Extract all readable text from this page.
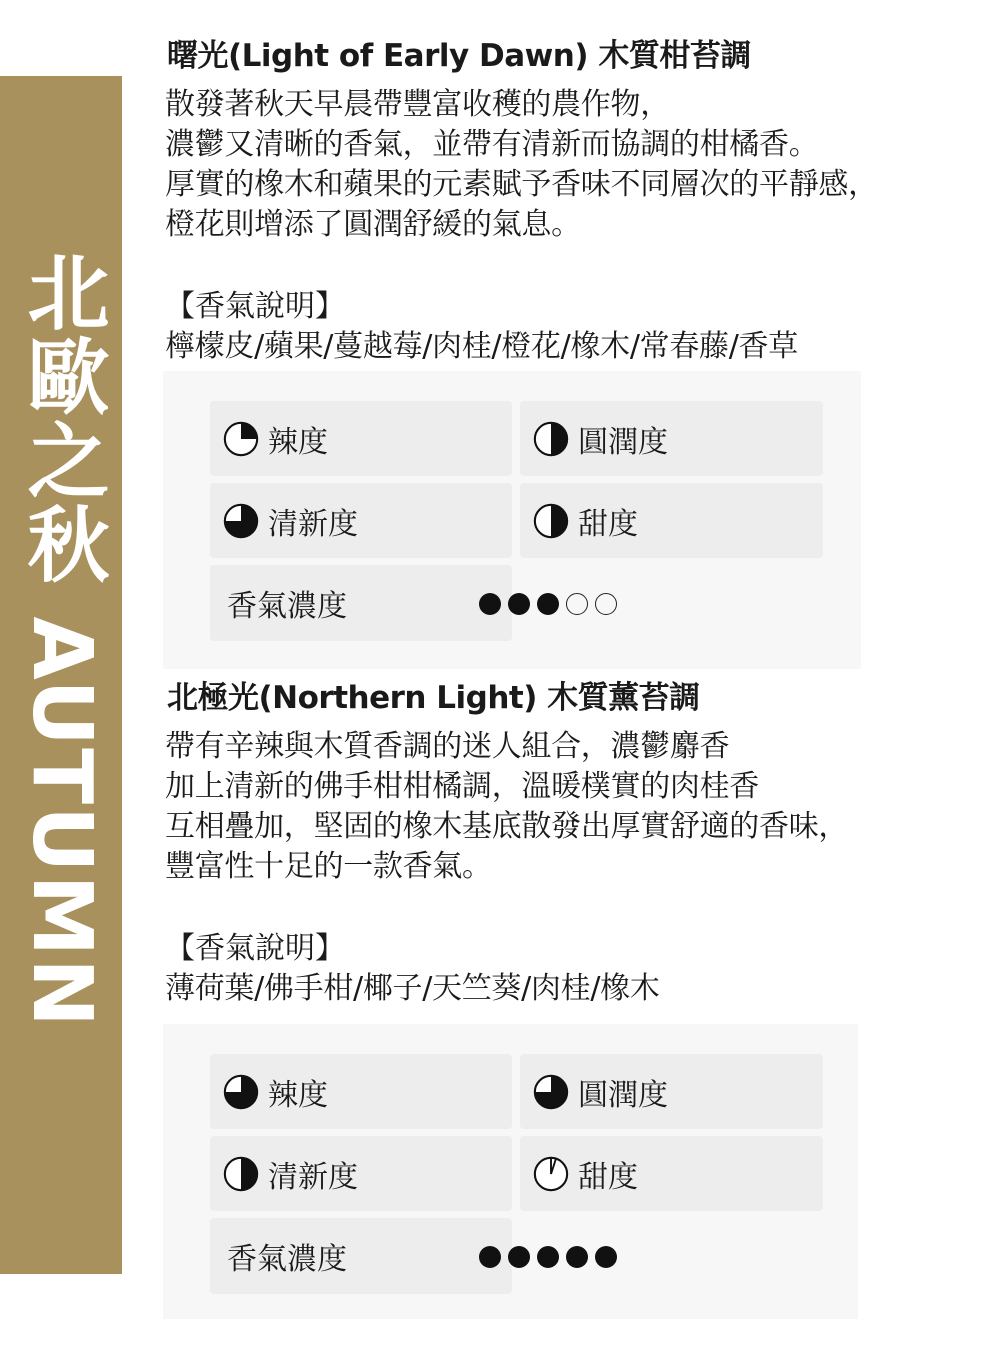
北歐之秋 AUTUMN
曙光(Light of Early Dawn) 木質柑苔調

散發著秋天早晨帶豐富收穫的農作物，

濃鬱又清晰的香氣，並帶有清新而協調的柑橘香。

厚實的橡木和蘋果的元素賦予香味不同層次的平靜感，

橙花則增添了圓潤舒緩的氣息。

【香氣說明】
檸檬皮/蘋果/蔓越莓/肉桂/橙花/橡木/常春藤/香草
辣度	圓潤度
清新度	甜度
香氣濃度
北極光(Northern Light) 木質薰苔調

帶有辛辣與木質香調的迷人組合，濃鬱麝香

加上清新的佛手柑柑橘調，溫暖樸實的肉桂香

互相疊加，堅固的橡木基底散發出厚實舒適的香味，

豐富性十足的一款香氣。

【香氣說明】
薄荷葉/佛手柑/椰子/天竺葵/肉桂/橡木
辣度	圓潤度
清新度	甜度
香氣濃度
